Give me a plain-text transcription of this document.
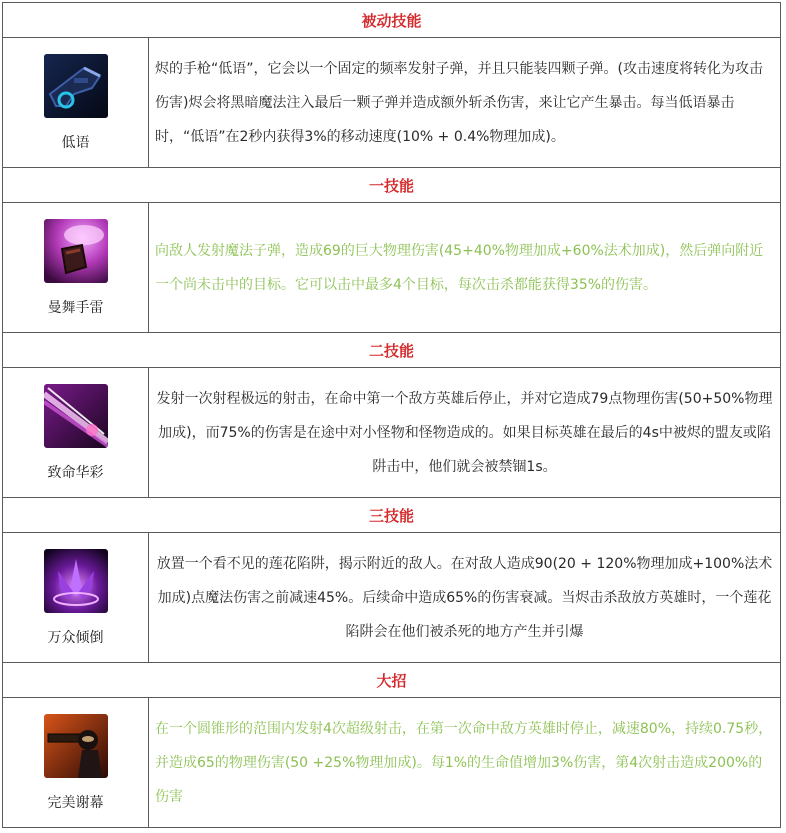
被动技能	

低语	烬的手枪“低语”，它会以一个固定的频率发射子弹，并且只能装四颗子弹。(攻击速度将转化为攻击伤害)烬会将黑暗魔法注入最后一颗子弹并造成额外斩杀伤害，来让它产生暴击。每当低语暴击时，“低语”在2秒内获得3%的移动速度(10% + 0.4%物理加成)。
一技能	

曼舞手雷	向敌人发射魔法子弹，造成69的巨大物理伤害(45+40%物理加成+60%法术加成)，然后弹向附近一个尚未击中的目标。它可以击中最多4个目标，每次击杀都能获得35%的伤害。
二技能	

致命华彩	发射一次射程极远的射击，在命中第一个敌方英雄后停止，并对它造成79点物理伤害(50+50%物理加成)，而75%的伤害是在途中对小怪物和怪物造成的。如果目标英雄在最后的4s中被烬的盟友或陷阱击中，他们就会被禁锢1s。
三技能	

万众倾倒	放置一个看不见的莲花陷阱，揭示附近的敌人。在对敌人造成90(20 + 120%物理加成+100%法术加成)点魔法伤害之前减速45%。后续命中造成65%的伤害衰减。当烬击杀敌放方英雄时，一个莲花陷阱会在他们被杀死的地方产生并引爆
大招	

完美谢幕	在一个圆锥形的范围内发射4次超级射击，在第一次命中敌方英雄时停止，减速80%，持续0.75秒，并造成65的物理伤害(50 +25%物理加成)。每1%的生命值增加3%伤害，第4次射击造成200%的伤害
